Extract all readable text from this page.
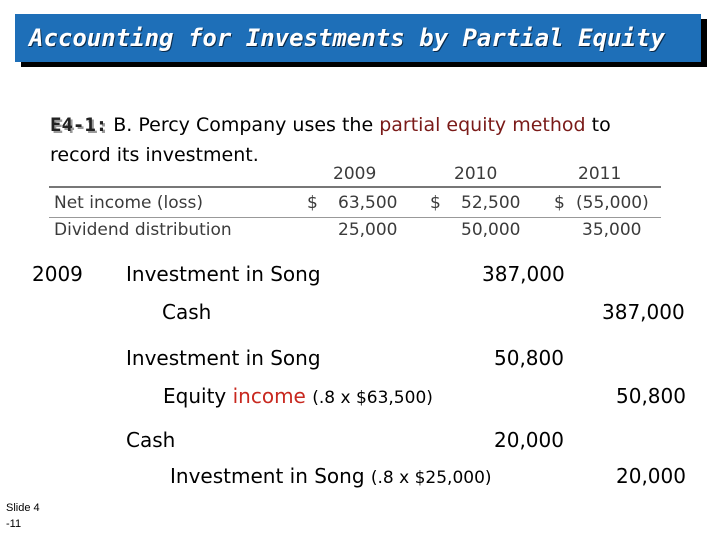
Accounting for Investments by Partial Equity
E4-1: B. Percy Company uses the partial equity method to
record its investment.
2009	2010	2011
Net income (loss)	$ 63,500 $ 52,500 $ (55,000)
Dividend distribution	25,000	50,000	35,000
2009 Investment in Song	387,000
Cash	387,000
Investment in Song	50,800
Equity income (.8 x $63,500)	50,800
Cash	20,000
Investment in Song (.8 x $25,000)	20,000
Slide 4 -11
